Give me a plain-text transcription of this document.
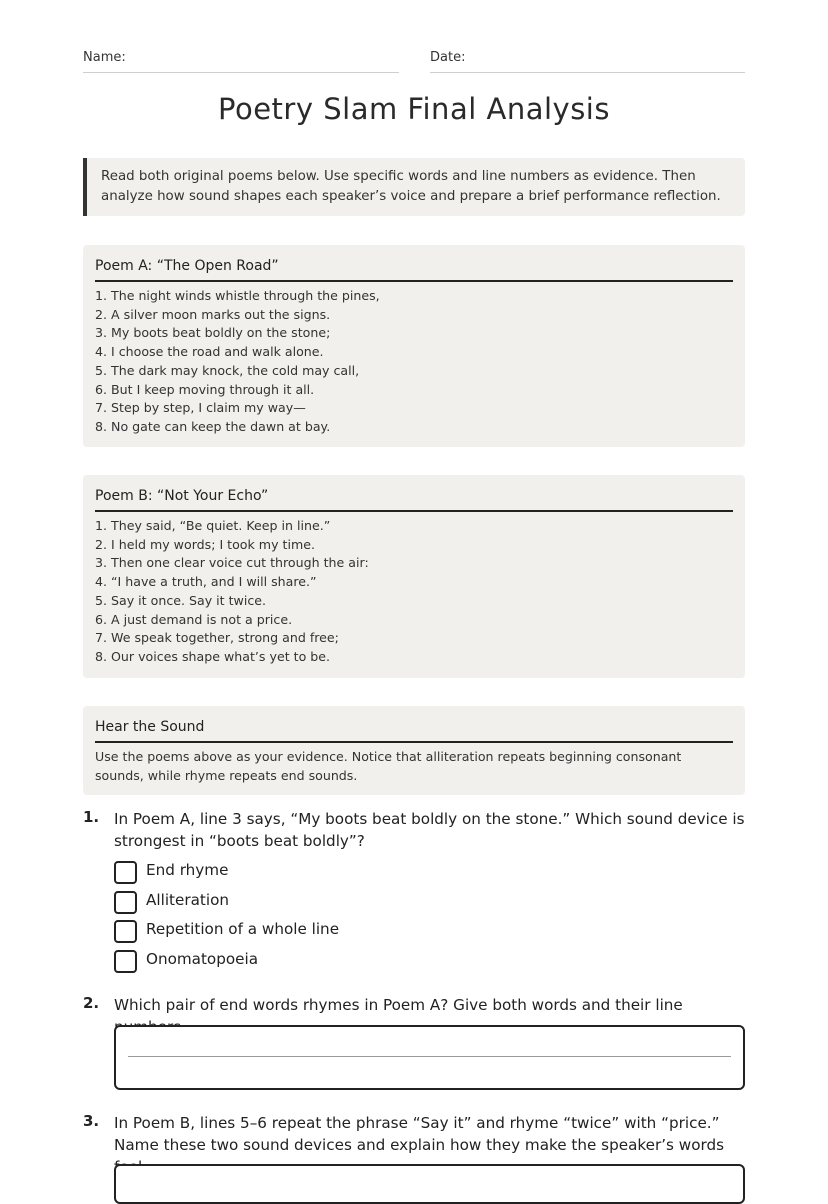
Name:	Date:
Poetry Slam Final Analysis
Read both original poems below. Use specific words and line numbers as evidence. Then analyze how sound shapes each speaker’s voice and prepare a brief performance reflection.
Poem A: “The Open Road”
1. The night winds whistle through the pines,
2. A silver moon marks out the signs.
3. My boots beat boldly on the stone;
4. I choose the road and walk alone.
5. The dark may knock, the cold may call,
6. But I keep moving through it all.
7. Step by step, I claim my way—
8. No gate can keep the dawn at bay.
Poem B: “Not Your Echo”
1. They said, “Be quiet. Keep in line.”
2. I held my words; I took my time.
3. Then one clear voice cut through the air:
4. “I have a truth, and I will share.”
5. Say it once. Say it twice.
6. A just demand is not a price.
7. We speak together, strong and free;
8. Our voices shape what’s yet to be.
Hear the Sound
Use the poems above as your evidence. Notice that alliteration repeats beginning consonant sounds, while rhyme repeats end sounds.
1. In Poem A, line 3 says, “My boots beat boldly on the stone.” Which sound device is strongest in “boots beat boldly”?
End rhyme
Alliteration
Repetition of a whole line
Onomatopoeia
2. Which pair of end words rhymes in Poem A? Give both words and their line
3. In Poem B, lines 5–6 repeat the phrase “Say it” and rhyme “twice” with “price.” Name these two sound devices and explain how they make the speaker’s words
